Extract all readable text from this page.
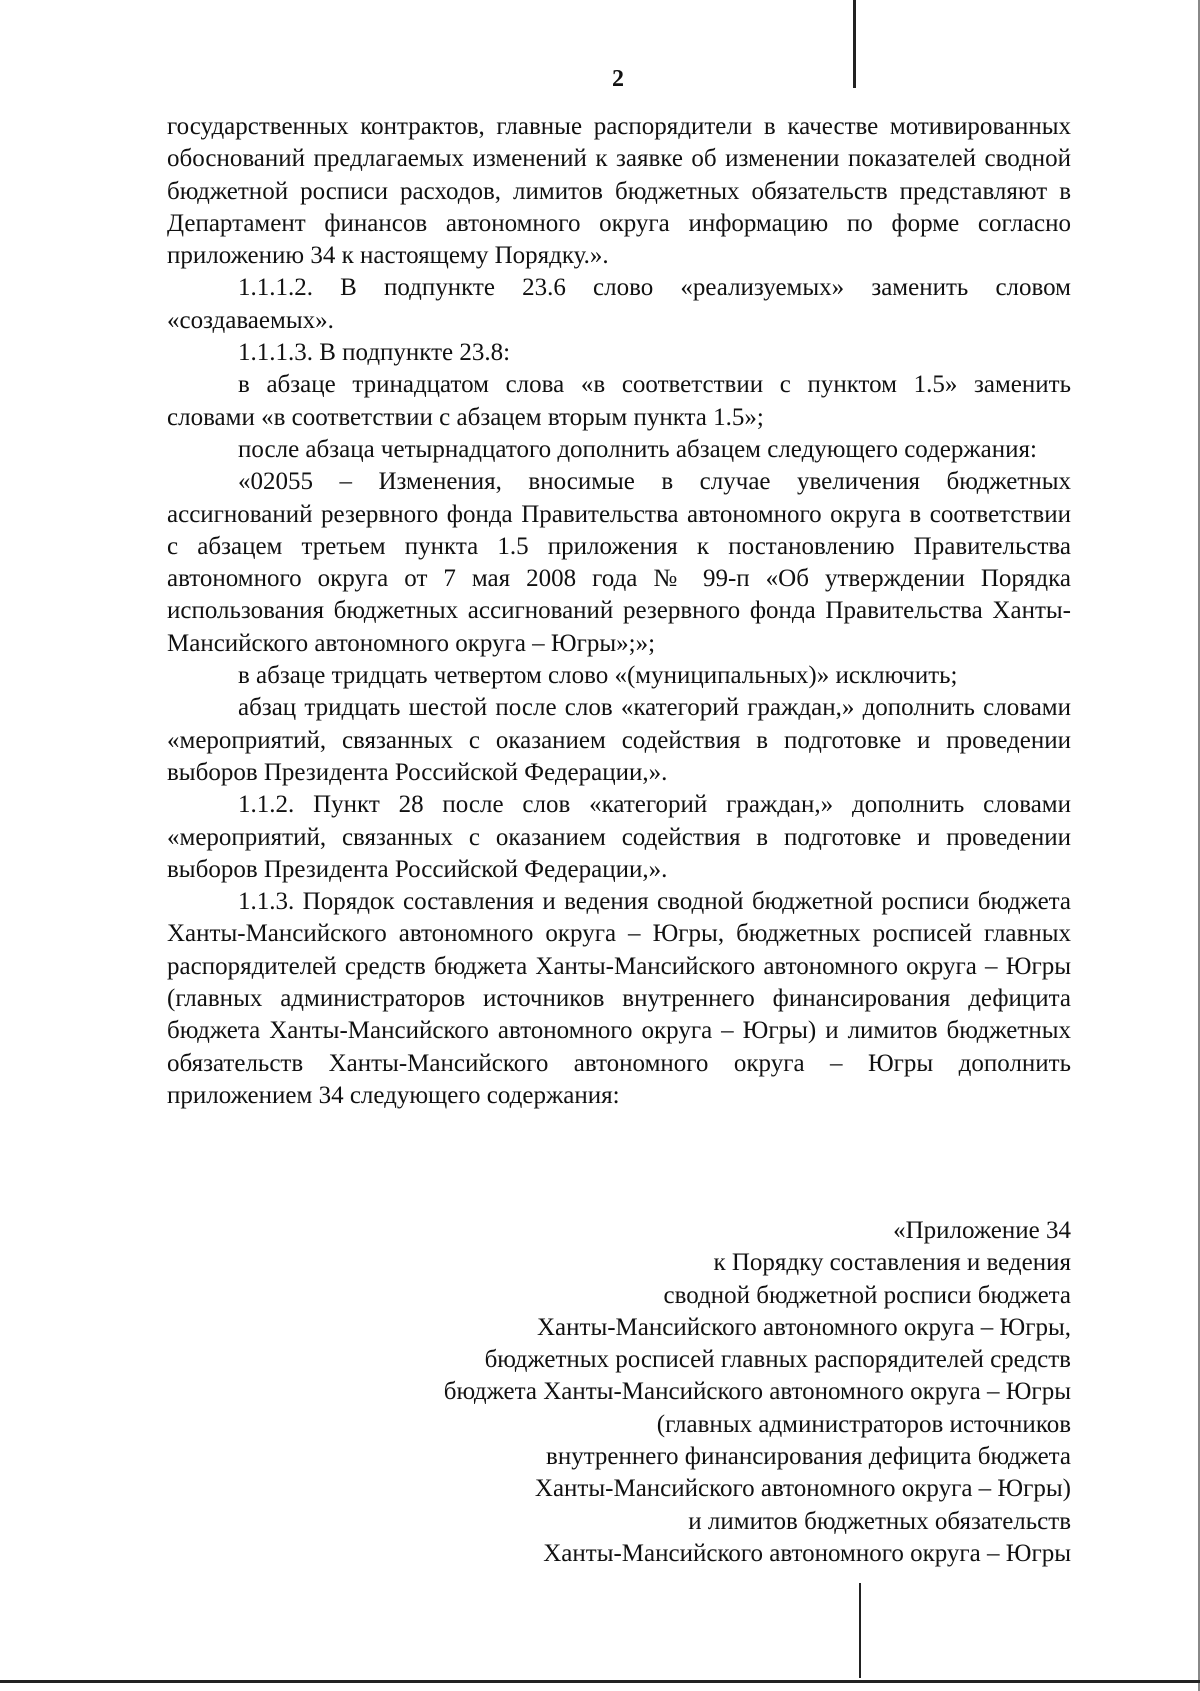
2

государственных контрактов, главные распорядители в качестве мотивированных обоснований предлагаемых изменений к заявке об изменении показателей сводной бюджетной росписи расходов, лимитов бюджетных обязательств представляют в Департамент финансов автономного округа информацию по форме согласно приложению 34 к настоящему Порядку.».

1.1.1.2. В подпункте 23.6 слово «реализуемых» заменить словом «создаваемых».

1.1.1.3. В подпункте 23.8:

в абзаце тринадцатом слова «в соответствии с пунктом 1.5» заменить словами «в соответствии с абзацем вторым пункта 1.5»;

после абзаца четырнадцатого дополнить абзацем следующего содержания:

«02055 – Изменения, вносимые в случае увеличения бюджетных ассигнований резервного фонда Правительства автономного округа в соответствии с абзацем третьем пункта 1.5 приложения к постановлению Правительства автономного округа от 7 мая 2008 года № 99-п «Об утверждении Порядка использования бюджетных ассигнований резервного фонда Правительства Ханты-Мансийского автономного округа – Югры»;»;

в абзаце тридцать четвертом слово «(муниципальных)» исключить;

абзац тридцать шестой после слов «категорий граждан,» дополнить словами «мероприятий, связанных с оказанием содействия в подготовке и проведении выборов Президента Российской Федерации,».

1.1.2. Пункт 28 после слов «категорий граждан,» дополнить словами «мероприятий, связанных с оказанием содействия в подготовке и проведении выборов Президента Российской Федерации,».

1.1.3. Порядок составления и ведения сводной бюджетной росписи бюджета Ханты-Мансийского автономного округа – Югры, бюджетных росписей главных распорядителей средств бюджета Ханты-Мансийского автономного округа – Югры (главных администраторов источников внутреннего финансирования дефицита бюджета Ханты-Мансийского автономного округа – Югры) и лимитов бюджетных обязательств Ханты-Мансийского автономного округа – Югры дополнить приложением 34 следующего содержания:

«Приложение 34
к Порядку составления и ведения
сводной бюджетной росписи бюджета
Ханты-Мансийского автономного округа – Югры,
бюджетных росписей главных распорядителей средств
бюджета Ханты-Мансийского автономного округа – Югры
(главных администраторов источников
внутреннего финансирования дефицита бюджета
Ханты-Мансийского автономного округа – Югры)
и лимитов бюджетных обязательств
Ханты-Мансийского автономного округа – Югры
